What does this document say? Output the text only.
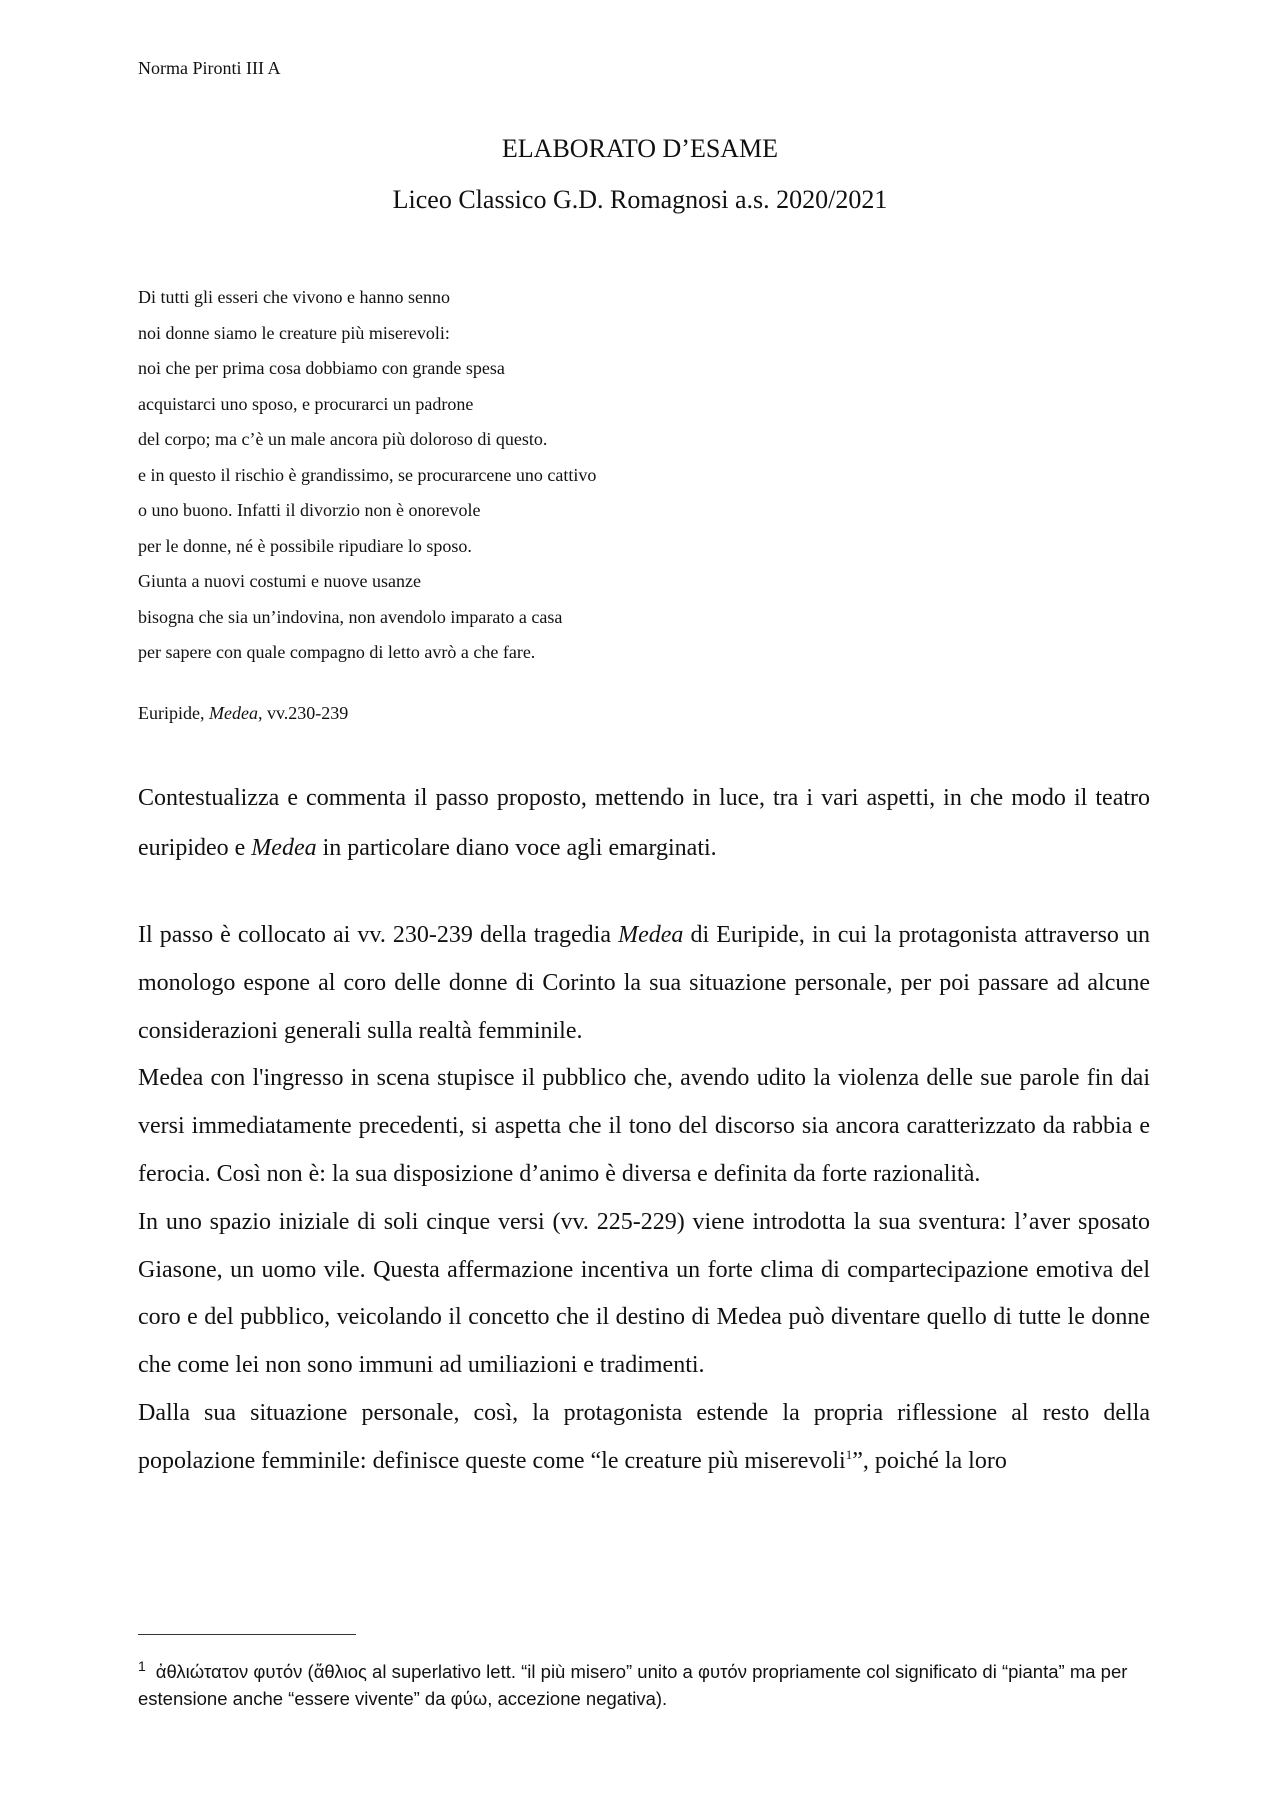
Norma Pironti III A
ELABORATO D’ESAME
Liceo Classico G.D. Romagnosi a.s. 2020/2021
Di tutti gli esseri che vivono e hanno senno
noi donne siamo le creature più miserevoli:
noi che per prima cosa dobbiamo con grande spesa
acquistarci uno sposo, e procurarci un padrone
del corpo; ma c’è un male ancora più doloroso di questo.
e in questo il rischio è grandissimo, se procurarcene uno cattivo
o uno buono. Infatti il divorzio non è onorevole
per le donne, né è possibile ripudiare lo sposo.
Giunta a nuovi costumi e nuove usanze
bisogna che sia un’indovina, non avendolo imparato a casa
per sapere con quale compagno di letto avrò a che fare.
Euripide, Medea, vv.230-239

Contestualizza e commenta il passo proposto, mettendo in luce, tra i vari aspetti, in che modo il teatro euripideo e Medea in particolare diano voce agli emarginati.

Il passo è collocato ai vv. 230-239 della tragedia Medea di Euripide, in cui la protagonista attraverso un monologo espone al coro delle donne di Corinto la sua situazione personale, per poi passare ad alcune considerazioni generali sulla realtà femminile.

Medea con l'ingresso in scena stupisce il pubblico che, avendo udito la violenza delle sue parole fin dai versi immediatamente precedenti, si aspetta che il tono del discorso sia ancora caratterizzato da rabbia e ferocia. Così non è: la sua disposizione d’animo è diversa e definita da forte razionalità.

In uno spazio iniziale di soli cinque versi (vv. 225-229) viene introdotta la sua sventura: l’aver sposato Giasone, un uomo vile. Questa affermazione incentiva un forte clima di compartecipazione emotiva del coro e del pubblico, veicolando il concetto che il destino di Medea può diventare quello di tutte le donne che come lei non sono immuni ad umiliazioni e tradimenti.

Dalla sua situazione personale, così, la protagonista estende la propria riflessione al resto della popolazione femminile: definisce queste come “le creature più miserevoli$^1$”, poiché la loro

$^1$ ἀθλιώτατον φυτόν (ἄθλιος al superlativo lett. “il più misero” unito a φυτόν propriamente col significato di “pianta” ma per estensione anche “essere vivente” da φύω, accezione negativa).
